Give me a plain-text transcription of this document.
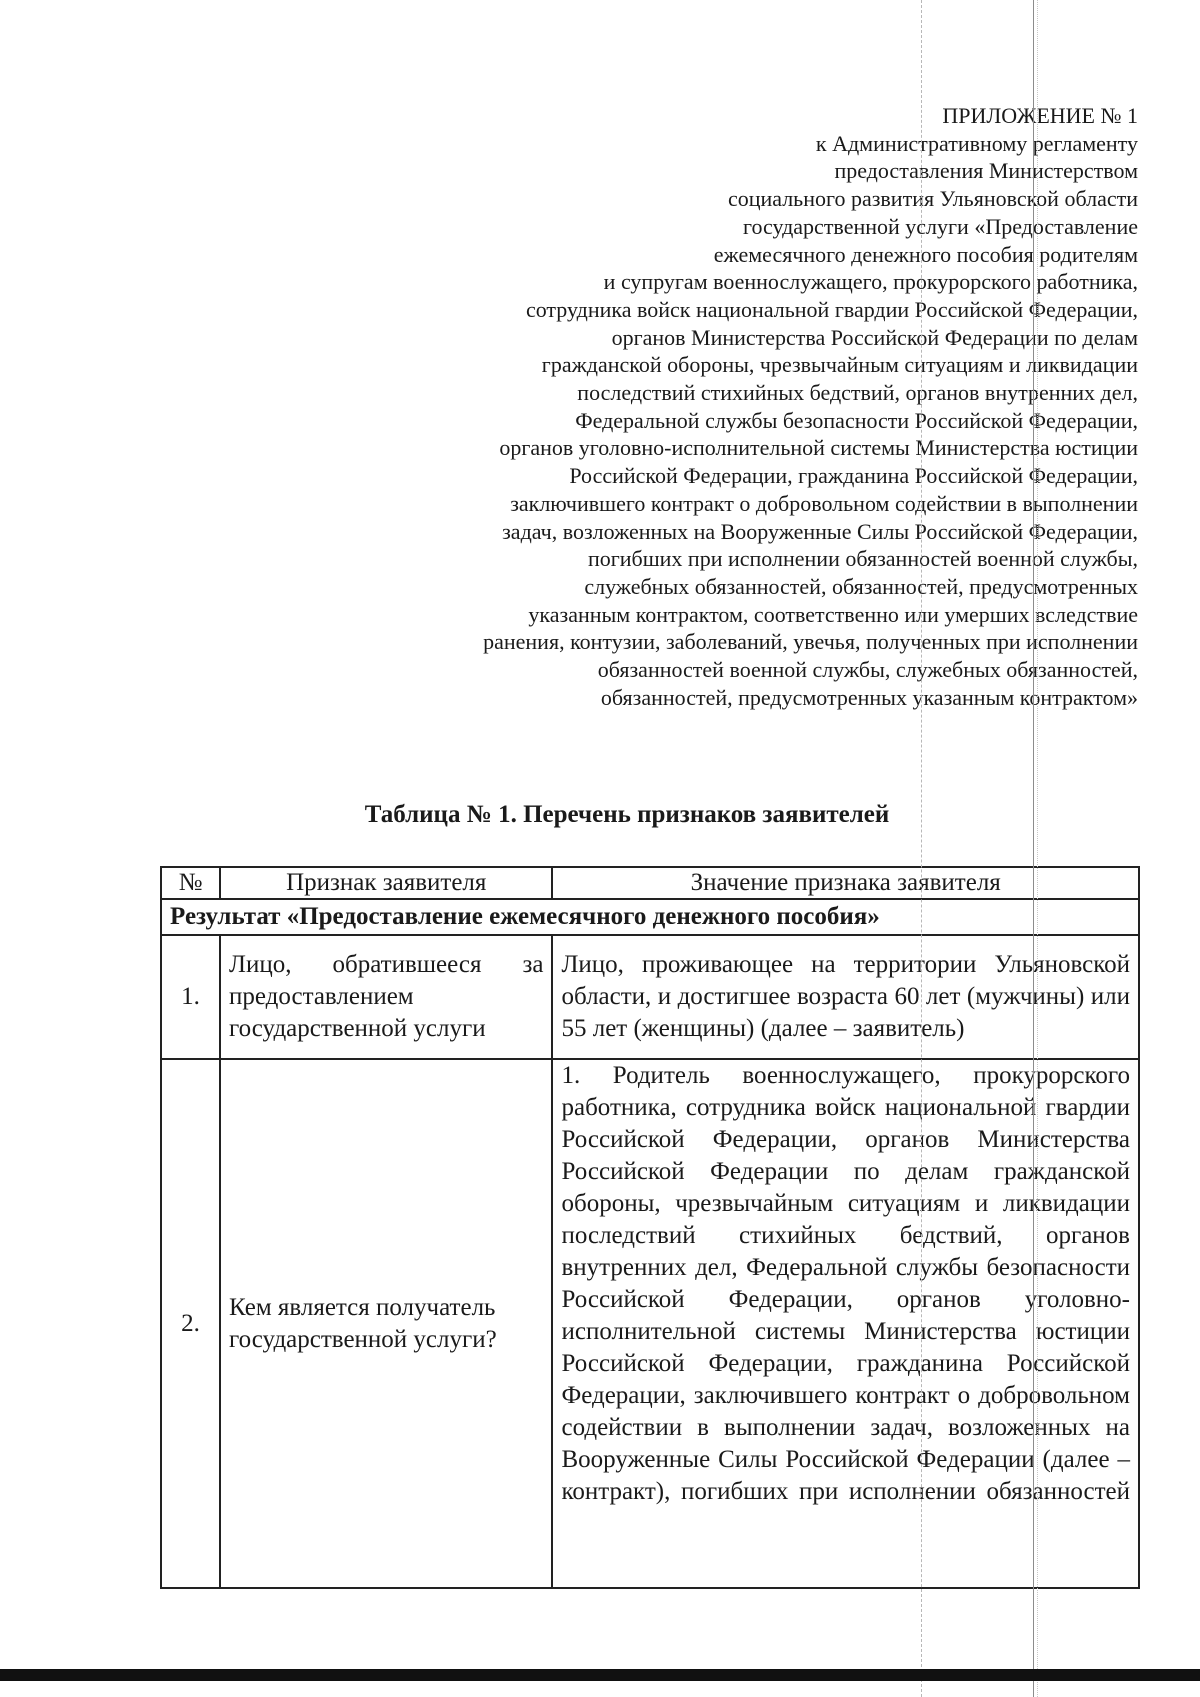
ПРИЛОЖЕНИЕ № 1
к Административному регламенту
предоставления Министерством
социального развития Ульяновской области
государственной услуги «Предоставление
ежемесячного денежного пособия родителям
и супругам военнослужащего, прокурорского работника,
сотрудника войск национальной гвардии Российской Федерации,
органов Министерства Российской Федерации по делам
гражданской обороны, чрезвычайным ситуациям и ликвидации
последствий стихийных бедствий, органов внутренних дел,
Федеральной службы безопасности Российской Федерации,
органов уголовно-исполнительной системы Министерства юстиции
Российской Федерации, гражданина Российской Федерации,
заключившего контракт о добровольном содействии в выполнении
задач, возложенных на Вооруженные Силы Российской Федерации,
погибших при исполнении обязанностей военной службы,
служебных обязанностей, обязанностей, предусмотренных
указанным контрактом, соответственно или умерших вследствие
ранения, контузии, заболеваний, увечья, полученных при исполнении
обязанностей военной службы, служебных обязанностей,
обязанностей, предусмотренных указанным контрактом»
Таблица № 1. Перечень признаков заявителей
№	Признак заявителя	Значение признака заявителя
Результат «Предоставление ежемесячного денежного пособия»		
1.	Лицо, обратившееся за предоставлением государственной услуги	Лицо, проживающее на территории Ульяновской области, и достигшее возраста 60 лет (мужчины) или 55 лет (женщины) (далее – заявитель)

2.	Кем является получатель государственной услуги?	1. Родитель военнослужащего, прокурорского работника, сотрудника войск национальной гвардии Российской Федерации, органов Министерства Российской Федерации по делам гражданской обороны, чрезвычайным ситуациям и ликвидации последствий стихийных бедствий, органов внутренних дел, Федеральной службы безопасности Российской Федерации, органов уголовно-исполнительной системы Министерства юстиции Российской Федерации, гражданина Российской Федерации, заключившего контракт о добровольном содействии в выполнении задач, возложенных на Вооруженные Силы Российской Федерации (далее – контракт), погибших при исполнении обязанностей
